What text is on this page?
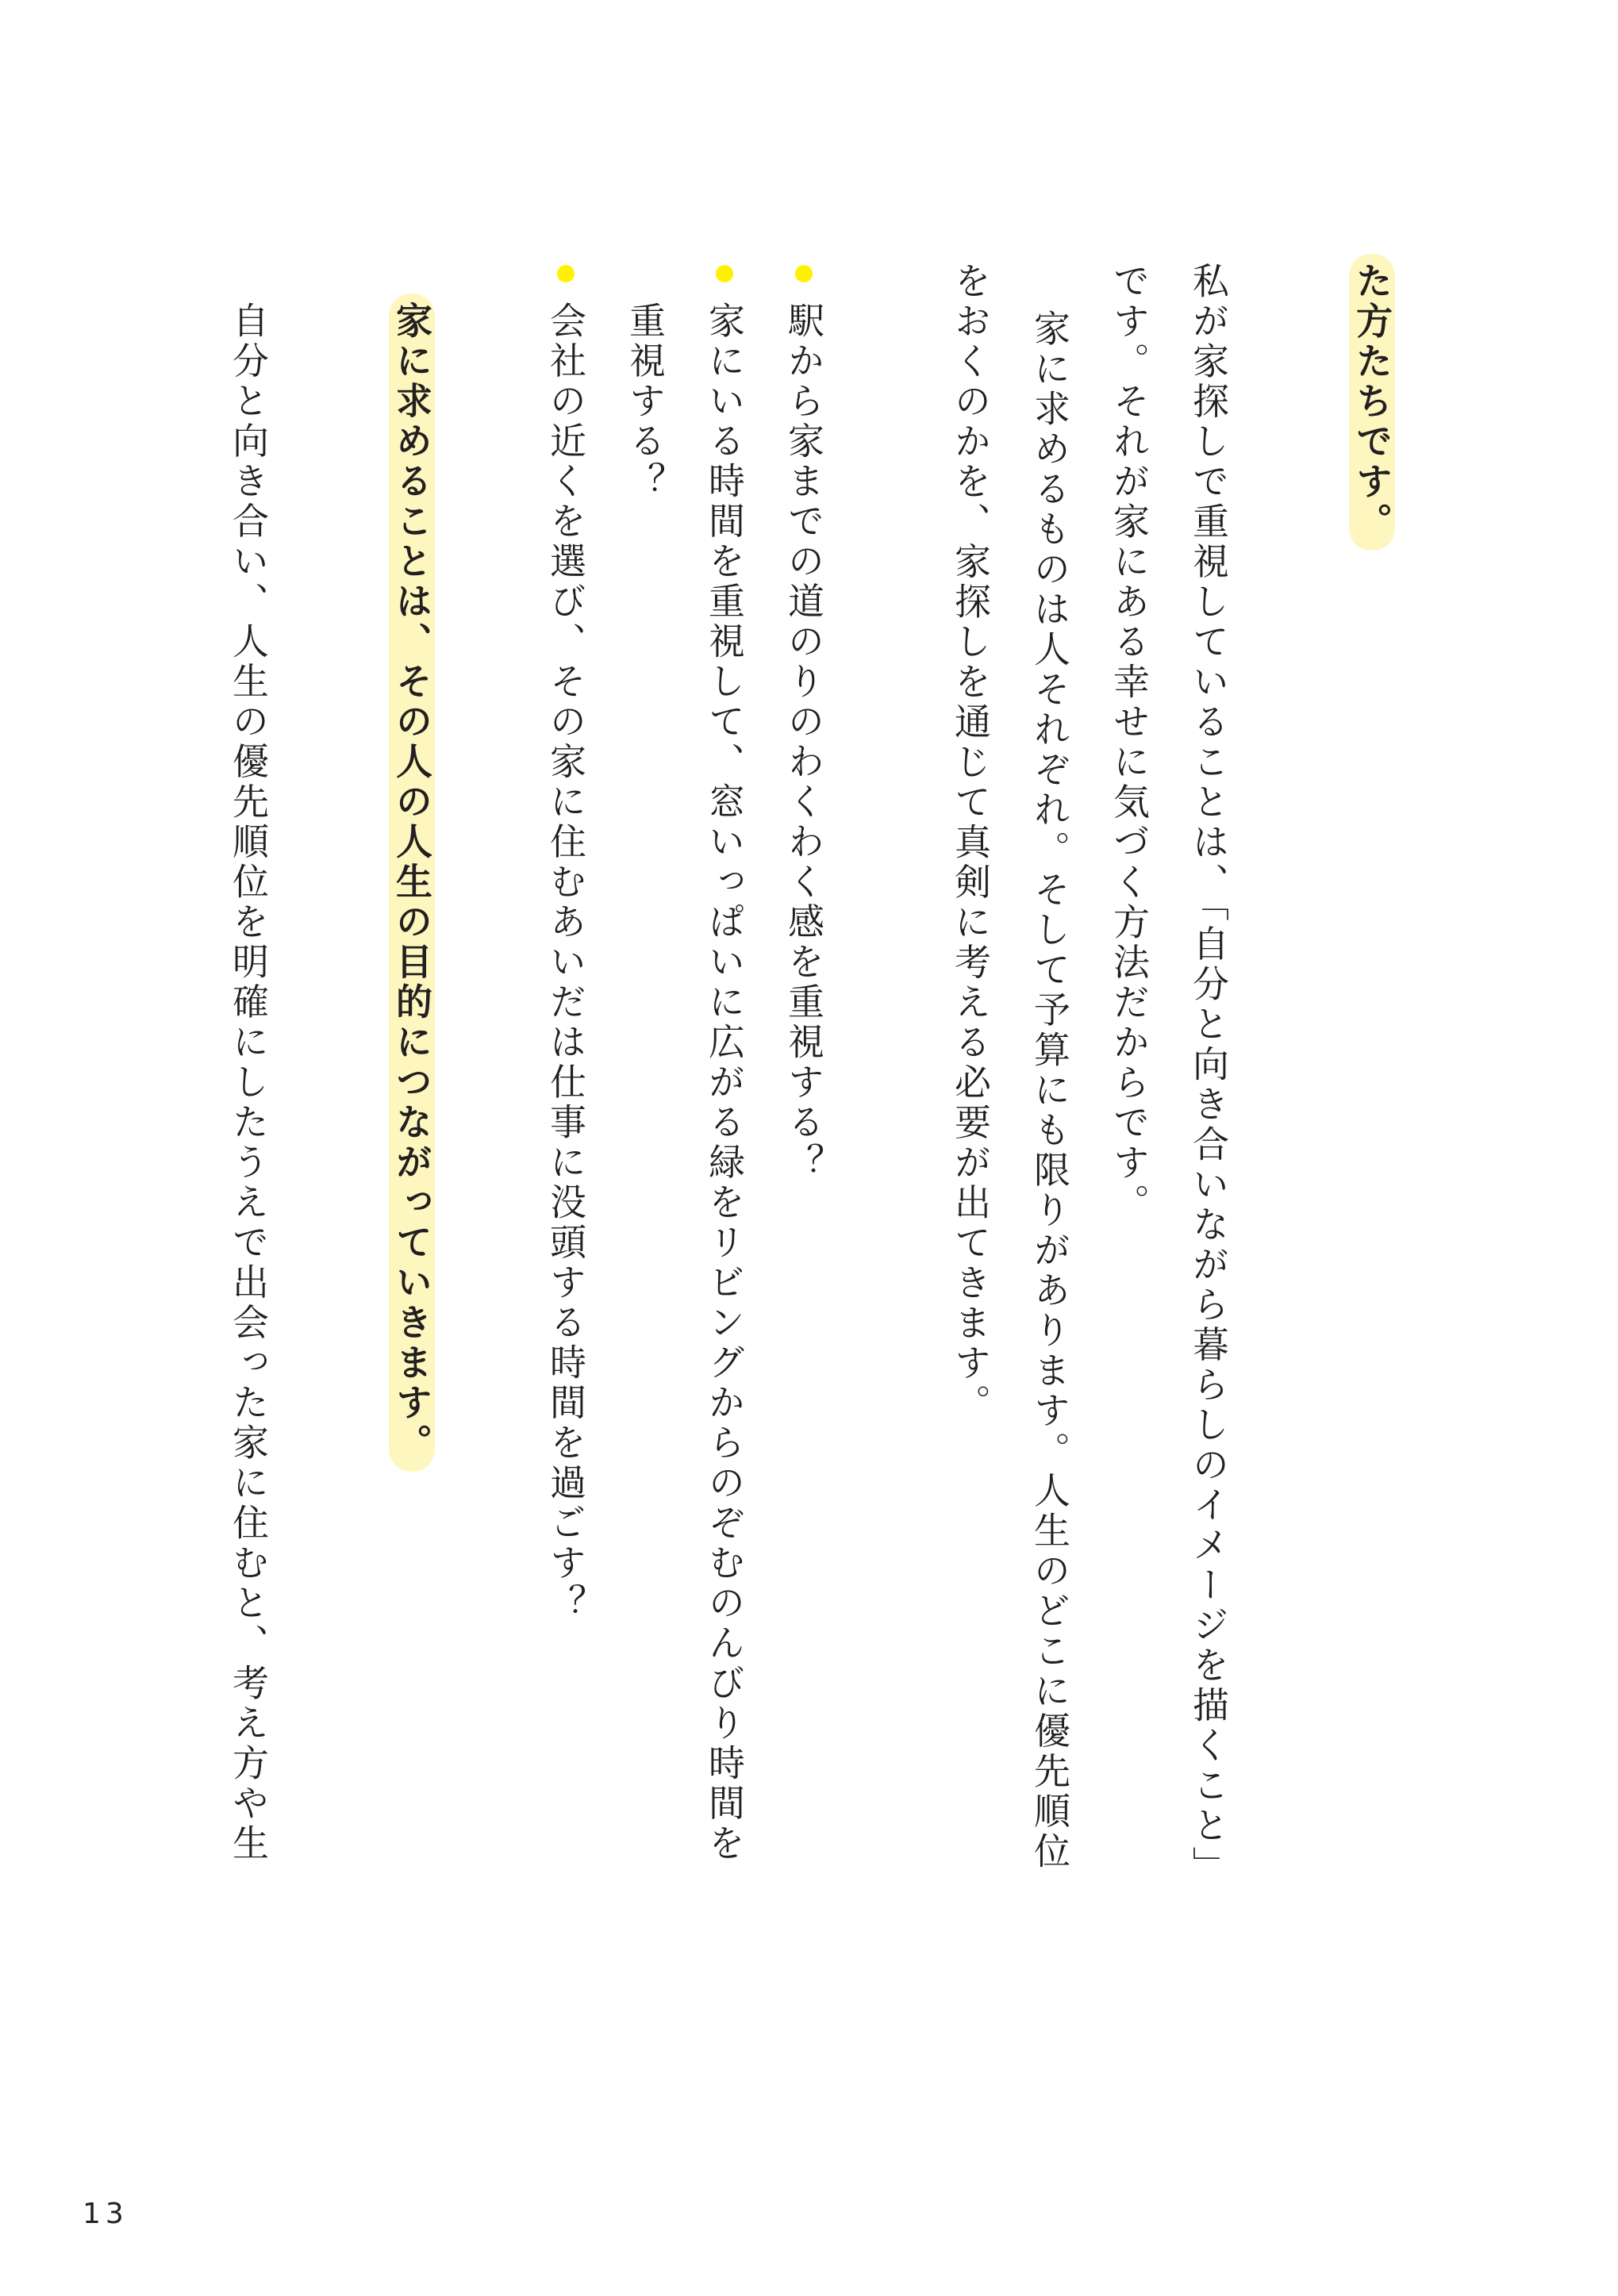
た方たちです。
私が家探しで重視していることは、「自分と向き合いながら暮らしのイメージを描くこと」
です。それが家にある幸せに気づく方法だからです。
家に求めるものは人それぞれ。そして予算にも限りがあります。人生のどこに優先順位
をおくのかを、家探しを通じて真剣に考える必要が出てきます。
駅から家までの道のりのわくわく感を重視する？
家にいる時間を重視して、窓いっぱいに広がる緑をリビングからのぞむのんびり時間を
重視する？
会社の近くを選び、その家に住むあいだは仕事に没頭する時間を過ごす？
家に求めることは、その人の人生の目的につながっていきます。
自分と向き合い、人生の優先順位を明確にしたうえで出会った家に住むと、考え方や生
13
